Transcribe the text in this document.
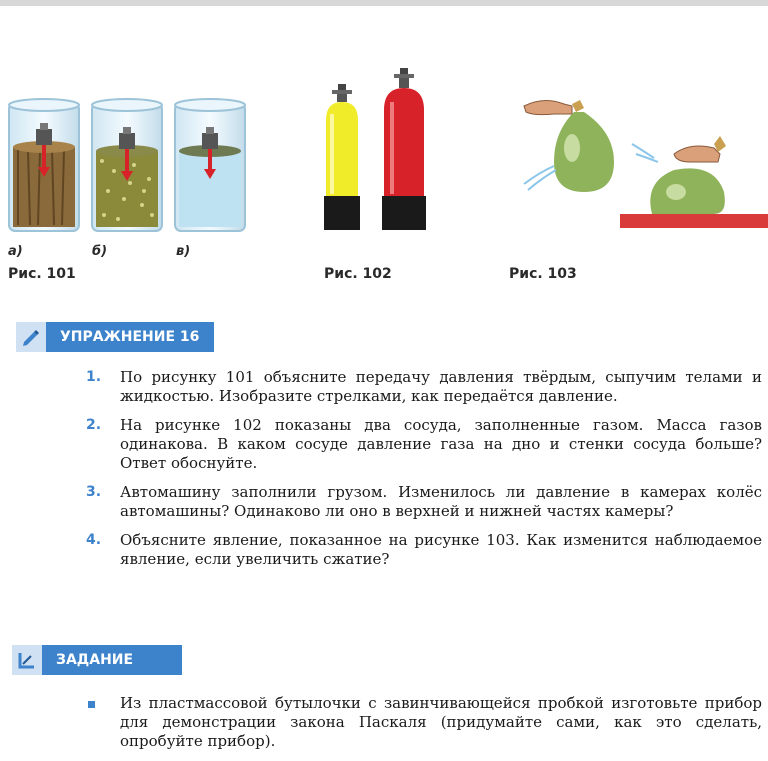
а)	б)	в)
Рис. 101	Рис. 102	Рис. 103
УПРАЖНЕНИЕ 16
1.	По рисунку 101 объясните передачу давления твёрдым, сыпучим телами и жидкостью. Изобразите стрелками, как передаётся давление.
2.	На рисунке 102 показаны два сосуда, заполненные газом. Масса газов одинакова. В каком сосуде давление газа на дно и стенки сосуда больше? Ответ обоснуйте.
3.	Автомашину заполнили грузом. Изменилось ли давление в камерах колёс автомашины? Одинаково ли оно в верхней и нижней частях камеры?
4.	Объясните явление, показанное на рисунке 103. Как изменится наблюдаемое явление, если увеличить сжатие?
ЗАДАНИЕ
Из пластмассовой бутылочки с завинчивающейся пробкой изготовьте прибор для демонстрации закона Паскаля (придумайте сами, как это сделать, опробуйте прибор).
